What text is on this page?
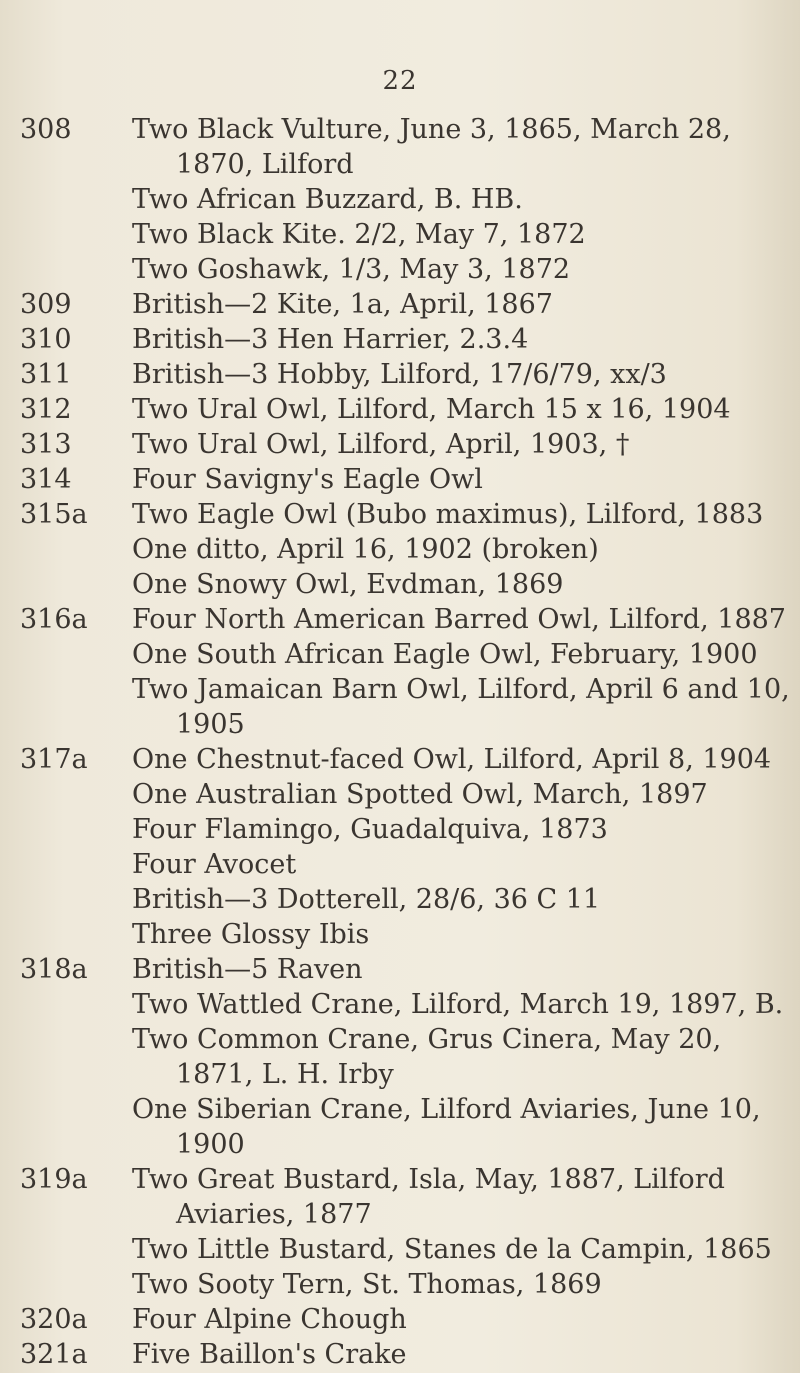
22
308	Two Black Vulture, June 3, 1865, March 28, 1870, Lilford
Two African Buzzard, B. HB.
Two Black Kite. 2/2, May 7, 1872
Two Goshawk, 1/3, May 3, 1872
309	British—2 Kite, 1a, April, 1867
310	British—3 Hen Harrier, 2.3.4
311	British—3 Hobby, Lilford, 17/6/79, xx/3
312	Two Ural Owl, Lilford, March 15 x 16, 1904
313	Two Ural Owl, Lilford, April, 1903, †
314	Four Savigny's Eagle Owl
315a	Two Eagle Owl (Bubo maximus), Lilford, 1883
One ditto, April 16, 1902 (broken)
One Snowy Owl, Evdman, 1869
316a	Four North American Barred Owl, Lilford, 1887
One South African Eagle Owl, February, 1900
Two Jamaican Barn Owl, Lilford, April 6 and 10, 1905
317a	One Chestnut-faced Owl, Lilford, April 8, 1904
One Australian Spotted Owl, March, 1897
Four Flamingo, Guadalquiva, 1873
Four Avocet
British—3 Dotterell, 28/6, 36 C 11
Three Glossy Ibis
318a	British—5 Raven
Two Wattled Crane, Lilford, March 19, 1897, B.
Two Common Crane, Grus Cinera, May 20, 1871, L. H. Irby
One Siberian Crane, Lilford Aviaries, June 10, 1900
319a	Two Great Bustard, Isla, May, 1887, Lilford Aviaries, 1877
Two Little Bustard, Stanes de la Campin, 1865
Two Sooty Tern, St. Thomas, 1869
320a	Four Alpine Chough
321a	Five Baillon's Crake
